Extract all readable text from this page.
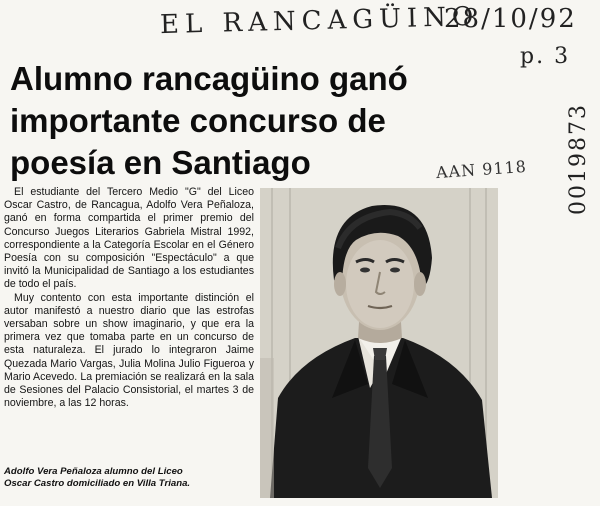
EL RANCAGÜINO
28/10/92
p. 3
AAN 9118 0019873
Alumno rancagüino ganó
importante concurso de
poesía en Santiago

El estudiante del Tercero Medio "G" del Liceo Oscar Castro, de Rancagua, Adolfo Vera Peñaloza, ganó en forma compartida el primer premio del Concurso Juegos Literarios Gabriela Mistral 1992, correspondiente a la Categoría Escolar en el Género Poesía con su composición "Espectáculo" a que invitó la Municipalidad de Santiago a los estudiantes de todo el país.

Muy contento con esta importante distinción el autor manifestó a nuestro diario que las estrofas versaban sobre un show imaginario, y que era la primera vez que tomaba parte en un concurso de esta naturaleza. El jurado lo integraron Jaime Quezada Mario Vargas, Julia Molina Julio Figueroa y Mario Acevedo. La premiación se realizará en la sala de Sesiones del Palacio Consistorial, el martes 3 de noviembre, a las 12 horas.

Adolfo Vera Peñaloza alumno del Liceo
Oscar Castro domiciliado en Villa Triana.
